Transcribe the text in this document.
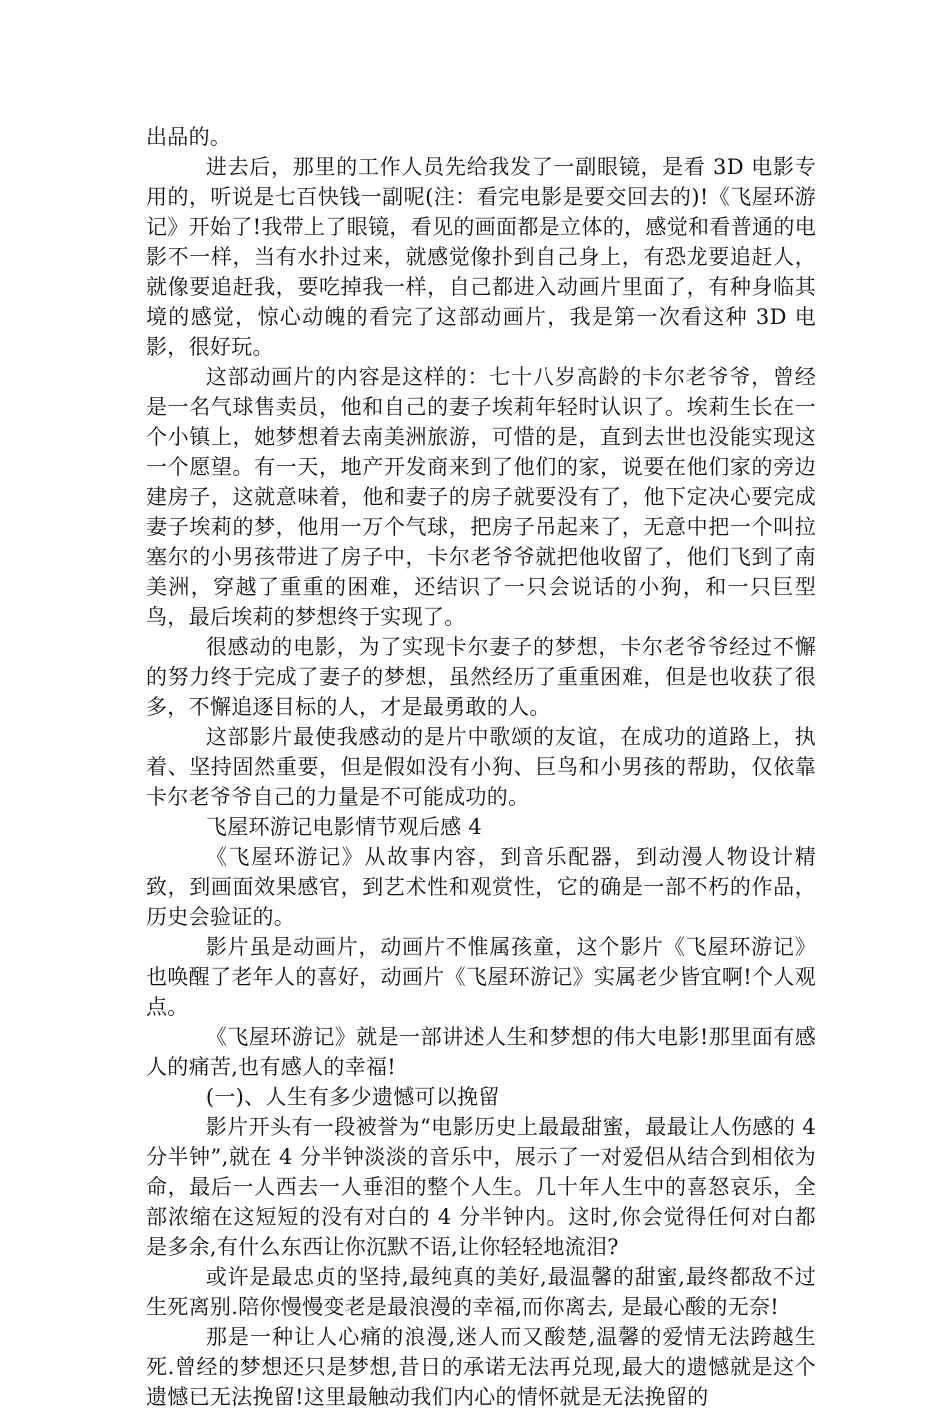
出品的。

进去后，那里的工作人员先给我发了一副眼镜，是看 3D 电影专用的，听说是七百快钱一副呢(注：看完电影是要交回去的)!《飞屋环游记》开始了!我带上了眼镜，看见的画面都是立体的，感觉和看普通的电影不一样，当有水扑过来，就感觉像扑到自己身上，有恐龙要追赶人，就像要追赶我，要吃掉我一样，自己都进入动画片里面了，有种身临其境的感觉，惊心动魄的看完了这部动画片，我是第一次看这种 3D 电影，很好玩。

这部动画片的内容是这样的：七十八岁高龄的卡尔老爷爷，曾经是一名气球售卖员，他和自己的妻子埃莉年轻时认识了。埃莉生长在一个小镇上，她梦想着去南美洲旅游，可惜的是，直到去世也没能实现这一个愿望。有一天，地产开发商来到了他们的家，说要在他们家的旁边建房子，这就意味着，他和妻子的房子就要没有了，他下定决心要完成妻子埃莉的梦，他用一万个气球，把房子吊起来了，无意中把一个叫拉塞尔的小男孩带进了房子中，卡尔老爷爷就把他收留了，他们飞到了南美洲，穿越了重重的困难，还结识了一只会说话的小狗，和一只巨型鸟，最后埃莉的梦想终于实现了。

很感动的电影，为了实现卡尔妻子的梦想，卡尔老爷爷经过不懈的努力终于完成了妻子的梦想，虽然经历了重重困难，但是也收获了很多，不懈追逐目标的人，才是最勇敢的人。

这部影片最使我感动的是片中歌颂的友谊，在成功的道路上，执着、坚持固然重要，但是假如没有小狗、巨鸟和小男孩的帮助，仅依靠卡尔老爷爷自己的力量是不可能成功的。

飞屋环游记电影情节观后感 4

《飞屋环游记》从故事内容，到音乐配器，到动漫人物设计精致，到画面效果感官，到艺术性和观赏性，它的确是一部不朽的作品，历史会验证的。

影片虽是动画片，动画片不惟属孩童，这个影片《飞屋环游记》也唤醒了老年人的喜好，动画片《飞屋环游记》实属老少皆宜啊!个人观点。

《飞屋环游记》就是一部讲述人生和梦想的伟大电影!那里面有感人的痛苦,也有感人的幸福!

(一)、人生有多少遗憾可以挽留

影片开头有一段被誉为“电影历史上最最甜蜜，最最让人伤感的 4 分半钟”,就在 4 分半钟淡淡的音乐中，展示了一对爱侣从结合到相依为命，最后一人西去一人垂泪的整个人生。几十年人生中的喜怒哀乐，全部浓缩在这短短的没有对白的 4 分半钟内。这时,你会觉得任何对白都是多余,有什么东西让你沉默不语,让你轻轻地流泪?

或许是最忠贞的坚持,最纯真的美好,最温馨的甜蜜,最终都敌不过生死离别.陪你慢慢变老是最浪漫的幸福,而你离去, 是最心酸的无奈!

那是一种让人心痛的浪漫,迷人而又酸楚,温馨的爱情无法跨越生死.曾经的梦想还只是梦想,昔日的承诺无法再兑现,最大的遗憾就是这个遗憾已无法挽留!这里最触动我们内心的情怀就是无法挽留的
